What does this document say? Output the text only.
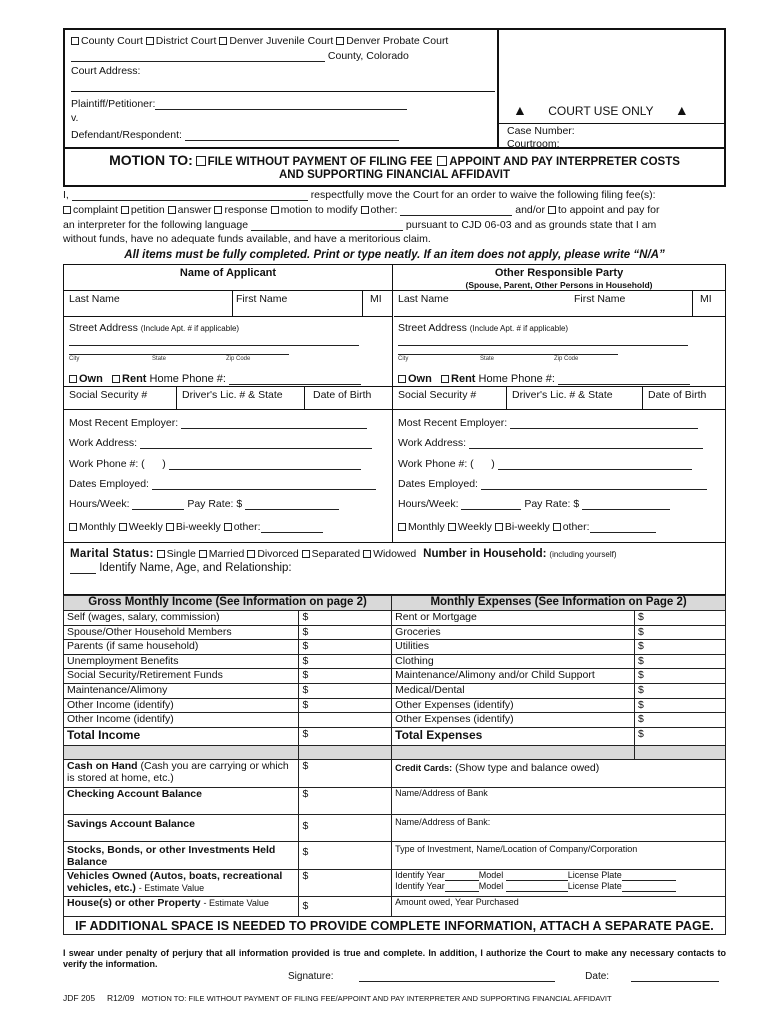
County Court District Court Denver Juvenile Court Denver Probate Court
County, Colorado
Court Address:
Plaintiff/Petitioner:
v.
Defendant/Respondent:
▲ COURT USE ONLY ▲
Case Number:
Courtroom:
MOTION TO: FILE WITHOUT PAYMENT OF FILING FEE APPOINT AND PAY INTERPRETER COSTS
AND SUPPORTING FINANCIAL AFFIDAVIT
I,	respectfully move the Court for an order to waive the following filing fee(s):
complaint petition answer response motion to modify other:	and/or to appoint and pay for
an interpreter for the following language	pursuant to CJD 06-03 and as grounds state that I am
without funds, have no adequate funds available, and have a meritorious claim.
All items must be fully completed. Print or type neatly. If an item does not apply, please write “N/A”
Name of Applicant	Other Responsible Party
(Spouse, Parent, Other Persons in Household)
Last Name	First Name	MI Last Name	First Name	MI
Street Address (Include Apt. # if applicable)
City	State	Zip Code
Street Address (Include Apt. # if applicable)
City	State	Zip Code
Own Rent Home Phone #:	Own Rent Home Phone #:
Social Security #	Driver's Lic. # & State	Date of Birth	Social Security #	Driver's Lic. # & State	Date of Birth
Most Recent Employer:
Work Address:
Work Phone #: (      )
Dates Employed:
Hours/Week:	Pay Rate: $
Monthly Weekly Bi-weekly other:
Most Recent Employer:
Work Address:
Work Phone #: (      )
Dates Employed:
Hours/Week:	Pay Rate: $
Monthly Weekly Bi-weekly other:
Marital Status: Single Married Divorced Separated Widowed Number in Household: (including yourself)
Identify Name, Age, and Relationship:
Gross Monthly Income (See Information on page 2)		Monthly Expenses (See Information on Page 2)	
Self (wages, salary, commission)	$	Rent or Mortgage	$
Spouse/Other Household Members	$	Groceries	$
Parents (if same household)	$	Utilities	$
Unemployment Benefits	$	Clothing	$
Social Security/Retirement Funds	$	Maintenance/Alimony and/or Child Support	$
Maintenance/Alimony	$	Medical/Dental	$
Other Income (identify)	$	Other Expenses (identify)	$
Other Income (identify)		Other Expenses (identify)	$
Total Income	$	Total Expenses	$

Cash on Hand (Cash you are carrying or which is stored at home, etc.)	$	Credit Cards: (Show type and balance owed)	
Checking Account Balance	$	Name/Address of Bank	
Savings Account Balance	$	Name/Address of Bank:	
Stocks, Bonds, or other Investments Held Balance	$	Type of Investment, Name/Location of Company/Corporation	
Vehicles Owned (Autos, boats, recreational vehicles, etc.) - Estimate Value	$	Identify Year Model License Plate
Identify Year Model License Plate	

House(s) or other Property - Estimate Value	$	Amount owed, Year Purchased	
IF ADDITIONAL SPACE IS NEEDED TO PROVIDE COMPLETE INFORMATION, ATTACH A SEPARATE PAGE.			
I swear under penalty of perjury that all information provided is true and complete. In addition, I authorize the Court to make any necessary contacts to verify the information.
Signature:	Date:
JDF 205 R12/09 MOTION TO: FILE WITHOUT PAYMENT OF FILING FEE/APPOINT AND PAY INTERPRETER AND SUPPORTING FINANCIAL AFFIDAVIT
